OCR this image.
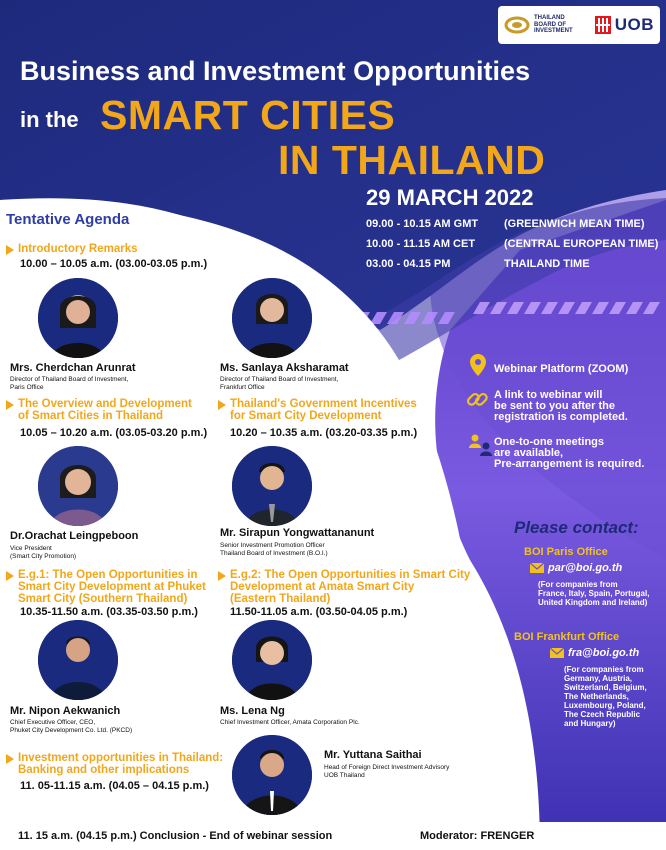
THAILAND BOARD OF INVESTMENT	UOB
Business and Investment Opportunities
in the SMART CITIES
IN THAILAND
29 MARCH 2022
09.00 - 10.15 AM GMT	(GREENWICH MEAN TIME)
10.00 - 11.15 AM CET	(CENTRAL EUROPEAN TIME)
03.00 - 04.15 PM	THAILAND TIME
Tentative Agenda
Introductory Remarks
10.00 – 10.05 a.m. (03.00-03.05 p.m.)
Mrs. Cherdchan Arunrat
Director of Thailand Board of Investment,
Paris Office
Ms. Sanlaya Aksharamat
Director of Thailand Board of Investment,
Frankfurt Office
The Overview and Development
of Smart Cities in Thailand
10.05 – 10.20 a.m. (03.05-03.20 p.m.)
Thailand's Government Incentives
for Smart City Development
10.20 – 10.35 a.m. (03.20-03.35 p.m.)
Dr.Orachat Leingpeboon
Vice President
(Smart City Promotion)
Mr. Sirapun Yongwattananunt
Senior Investment Promotion Officer
Thailand Board of Investment (B.O.I.)
E.g.1: The Open Opportunities in
Smart City Development at Phuket
Smart City (Southern Thailand)
10.35-11.50 a.m. (03.35-03.50 p.m.)
E.g.2: The Open Opportunities in Smart City
Development at Amata Smart City
(Eastern Thailand)
11.50-11.05 a.m. (03.50-04.05 p.m.)
Mr. Nipon Aekwanich
Chief Executive Officer, CEO,
Phuket City Development Co. Ltd. (PKCD)
Ms. Lena Ng
Chief Investment Officer, Amata Corporation Plc.
Investment opportunities in Thailand:
Banking and other implications
11. 05-11.15 a.m. (04.05 – 04.15 p.m.)
Mr. Yuttana Saithai
Head of Foreign Direct Investment Advisory
UOB Thailand
Webinar Platform (ZOOM)
A link to webinar will
be sent to you after the
registration is completed.
One-to-one meetings
are available,
Pre-arrangement is required.
Please contact:
BOI Paris Office
par@boi.go.th
(For companies from
France, Italy, Spain, Portugal,
United Kingdom and Ireland)
BOI Frankfurt Office
fra@boi.go.th
(For companies from
Germany, Austria,
Switzerland, Belgium,
The Netherlands,
Luxembourg, Poland,
The Czech Republic
and Hungary)
11. 15 a.m. (04.15 p.m.) Conclusion - End of webinar session	Moderator: FRENGER
